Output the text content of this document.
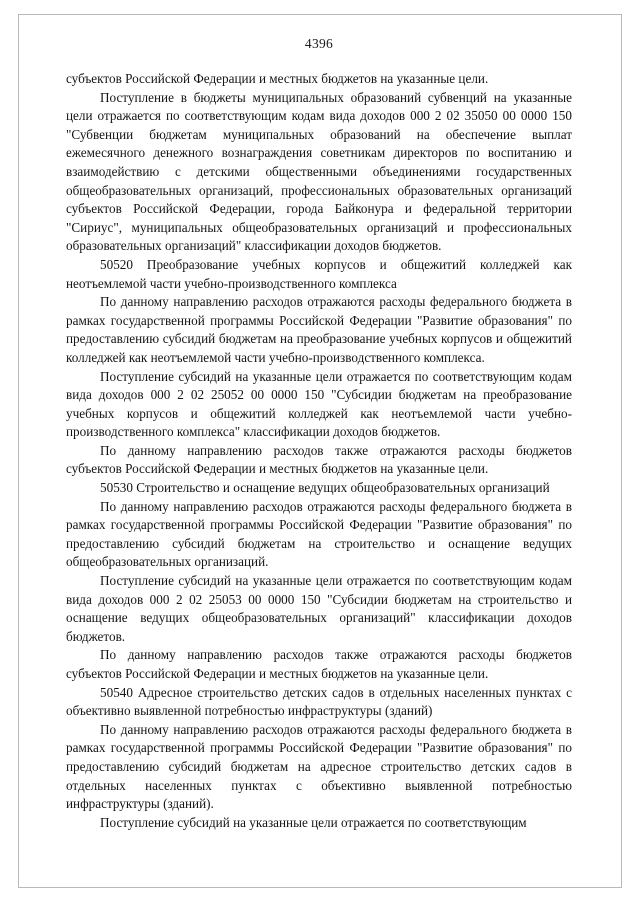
4396

субъектов Российской Федерации и местных бюджетов на указанные цели.

Поступление в бюджеты муниципальных образований субвенций на указанные цели отражается по соответствующим кодам вида доходов 000 2 02 35050 00 0000 150 "Субвенции бюджетам муниципальных образований на обеспечение выплат ежемесячного денежного вознаграждения советникам директоров по воспитанию и взаимодействию с детскими общественными объединениями государственных общеобразовательных организаций, профессиональных образовательных организаций субъектов Российской Федерации, города Байконура и федеральной территории "Сириус", муниципальных общеобразовательных организаций и профессиональных образовательных организаций" классификации доходов бюджетов.

50520 Преобразование учебных корпусов и общежитий колледжей как неотъемлемой части учебно-производственного комплекса

По данному направлению расходов отражаются расходы федерального бюджета в рамках государственной программы Российской Федерации "Развитие образования" по предоставлению субсидий бюджетам на преобразование учебных корпусов и общежитий колледжей как неотъемлемой части учебно-производственного комплекса.

Поступление субсидий на указанные цели отражается по соответствующим кодам вида доходов 000 2 02 25052 00 0000 150 "Субсидии бюджетам на преобразование учебных корпусов и общежитий колледжей как неотъемлемой части учебно-производственного комплекса" классификации доходов бюджетов.

По данному направлению расходов также отражаются расходы бюджетов субъектов Российской Федерации и местных бюджетов на указанные цели.

50530 Строительство и оснащение ведущих общеобразовательных организаций

По данному направлению расходов отражаются расходы федерального бюджета в рамках государственной программы Российской Федерации "Развитие образования" по предоставлению субсидий бюджетам на строительство и оснащение ведущих общеобразовательных организаций.

Поступление субсидий на указанные цели отражается по соответствующим кодам вида доходов 000 2 02 25053 00 0000 150 "Субсидии бюджетам на строительство и оснащение ведущих общеобразовательных организаций" классификации доходов бюджетов.

По данному направлению расходов также отражаются расходы бюджетов субъектов Российской Федерации и местных бюджетов на указанные цели.

50540 Адресное строительство детских садов в отдельных населенных пунктах с объективно выявленной потребностью инфраструктуры (зданий)

По данному направлению расходов отражаются расходы федерального бюджета в рамках государственной программы Российской Федерации "Развитие образования" по предоставлению субсидий бюджетам на адресное строительство детских садов в отдельных населенных пунктах с объективно выявленной потребностью инфраструктуры (зданий).

Поступление субсидий на указанные цели отражается по соответствующим
